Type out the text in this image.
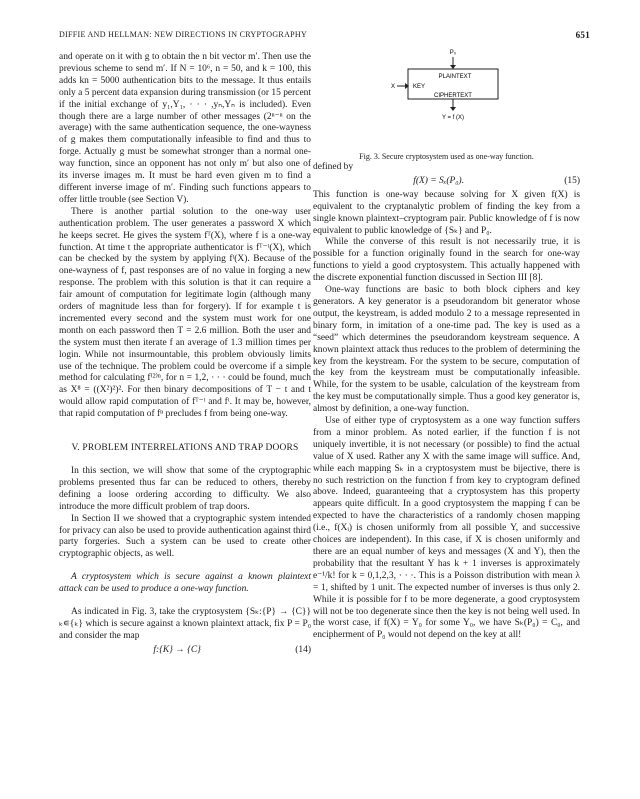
DIFFIE AND HELLMAN: NEW DIRECTIONS IN CRYPTOGRAPHY	651

and operate on it with g to obtain the n bit vector m′. Then use the previous scheme to send m′. If N = 10⁶, n = 50, and k = 100, this adds kn = 5000 authentication bits to the message. It thus entails only a 5 percent data expansion during transmission (or 15 percent if the initial exchange of y₁,Y₁, · · · ,yₙ,Yₙ is included). Even though there are a large number of other messages (2ⁿ⁻ⁿ on the average) with the same authentication sequence, the one-wayness of g makes them computationally infeasible to find and thus to forge. Actually g must be somewhat stronger than a normal one-way function, since an opponent has not only m′ but also one of its inverse images m. It must be hard even given m to find a different inverse image of m′. Finding such functions appears to offer little trouble (see Section V).

There is another partial solution to the one-way user authentication problem. The user generates a password X which he keeps secret. He gives the system fᵀ(X), where f is a one-way function. At time t the appropriate authenticator is fᵀ⁻ᵗ(X), which can be checked by the system by applying fᵗ(X). Because of the one-wayness of f, past responses are of no value in forging a new response. The problem with this solution is that it can require a fair amount of computation for legitimate login (although many orders of magnitude less than for forgery). If for example t is incremented every second and the system must work for one month on each password then T = 2.6 million. Both the user and the system must then iterate f an average of 1.3 million times per login. While not insurmountable, this problem obviously limits use of the technique. The problem could be overcome if a simple method for calculating f⁽²⁾ⁿ, for n = 1,2, · · · could be found, much as X⁸ = ((X²)²)². For then binary decompositions of T − t and t would allow rapid computation of fᵀ⁻ᵗ and fᵗ. It may be, however, that rapid computation of fⁿ precludes f from being one-way.

V. PROBLEM INTERRELATIONS AND TRAP DOORS

In this section, we will show that some of the cryptographic problems presented thus far can be reduced to others, thereby defining a loose ordering according to difficulty. We also introduce the more difficult problem of trap doors.

In Section II we showed that a cryptographic system intended for privacy can also be used to provide authentication against third party forgeries. Such a system can be used to create other cryptographic objects, as well.

A cryptosystem which is secure against a known plaintext attack can be used to produce a one-way function.

As indicated in Fig. 3, take the cryptosystem {Sₖ:{P} → {C}}ₖ∊{ₖ} which is secure against a known plaintext attack, fix P = P₀ and consider the map

f:{K} → {C}	(14)
P₀
PLAINTEXT
KEY
CIPHERTEXT
X
Y = f (X)
Fig. 3. Secure cryptosystem used as one-way function.

defined by

f(X) = Sₓ(P₀).	(15)

This function is one-way because solving for X given f(X) is equivalent to the cryptanalytic problem of finding the key from a single known plaintext–cryptogram pair. Public knowledge of f is now equivalent to public knowledge of {Sₖ} and P₀.

While the converse of this result is not necessarily true, it is possible for a function originally found in the search for one-way functions to yield a good cryptosystem. This actually happened with the discrete exponential function discussed in Section III [8].

One-way functions are basic to both block ciphers and key generators. A key generator is a pseudorandom bit generator whose output, the keystream, is added modulo 2 to a message represented in binary form, in imitation of a one-time pad. The key is used as a “seed” which determines the pseudorandom keystream sequence. A known plaintext attack thus reduces to the problem of determining the key from the keystream. For the system to be secure, computation of the key from the keystream must be computationally infeasible. While, for the system to be usable, calculation of the keystream from the key must be computationally simple. Thus a good key generator is, almost by definition, a one-way function.

Use of either type of cryptosystem as a one way function suffers from a minor problem. As noted earlier, if the function f is not uniquely invertible, it is not necessary (or possible) to find the actual value of X used. Rather any X with the same image will suffice. And, while each mapping Sₖ in a cryptosystem must be bijective, there is no such restriction on the function f from key to cryptogram defined above. Indeed, guaranteeing that a cryptosystem has this property appears quite difficult. In a good cryptosystem the mapping f can be expected to have the characteristics of a randomly chosen mapping (i.e., f(Xᵢ) is chosen uniformly from all possible Y, and successive choices are independent). In this case, if X is chosen uniformly and there are an equal number of keys and messages (X and Y), then the probability that the resultant Y has k + 1 inverses is approximately e⁻¹/k! for k = 0,1,2,3, · · ·. This is a Poisson distribution with mean λ = 1, shifted by 1 unit. The expected number of inverses is thus only 2. While it is possible for f to be more degenerate, a good cryptosystem will not be too degenerate since then the key is not being well used. In the worst case, if f(X) = Y₀ for some Y₀, we have Sₖ(P₀) = C₀, and encipherment of P₀ would not depend on the key at all!
